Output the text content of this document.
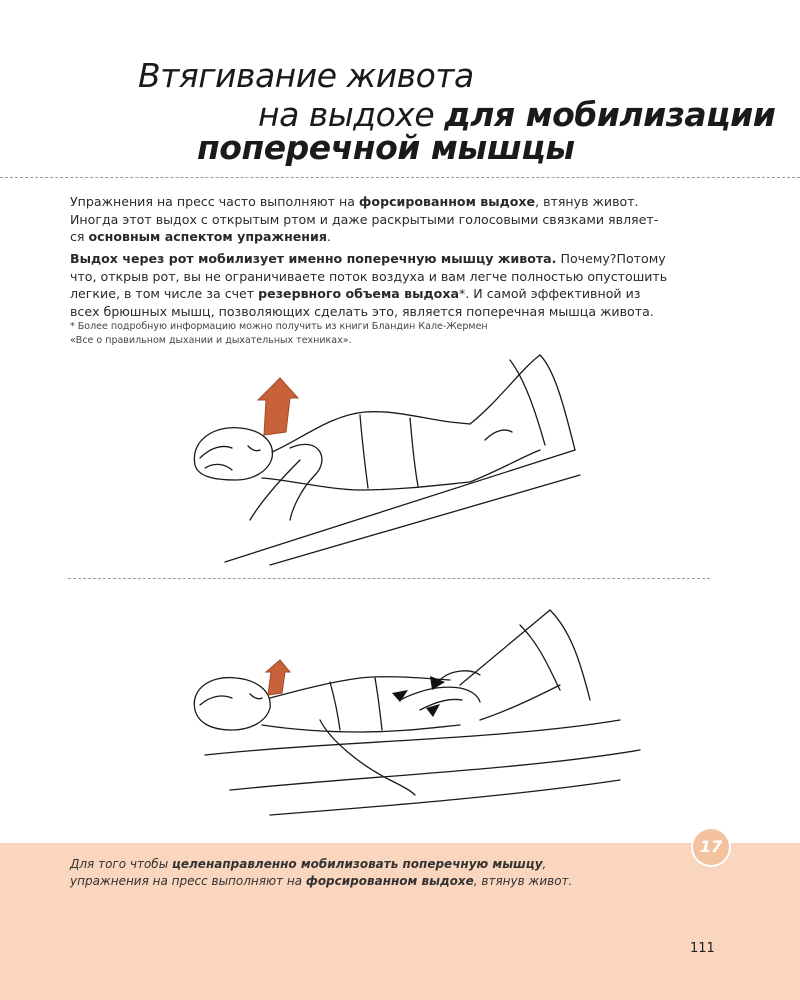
Втягивание живота
на выдохе для мобилизации
поперечной мышцы
Упражнения на пресс часто выполняют на форсированном выдохе, втянув живот.
Иногда этот выдох с открытым ртом и даже раскрытыми голосовыми связками являет-
ся основным аспектом упражнения.
Выдох через рот мобилизует именно поперечную мышцу живота. Почему?Потому
что, открыв рот, вы не ограничиваете поток воздуха и вам легче полностью опустошить
легкие, в том числе за счет резервного объема выдоха*. И самой эффективной из
всех брюшных мышц, позволяющих сделать это, является поперечная мышца живота.
* Более подробную информацию можно получить из книги Бландин Кале-Жермен
«Все о правильном дыхании и дыхательных техниках».
Для того чтобы целенаправленно мобилизовать поперечную мышцу,
упражнения на пресс выполняют на форсированном выдохе, втянув живот.
17
111
